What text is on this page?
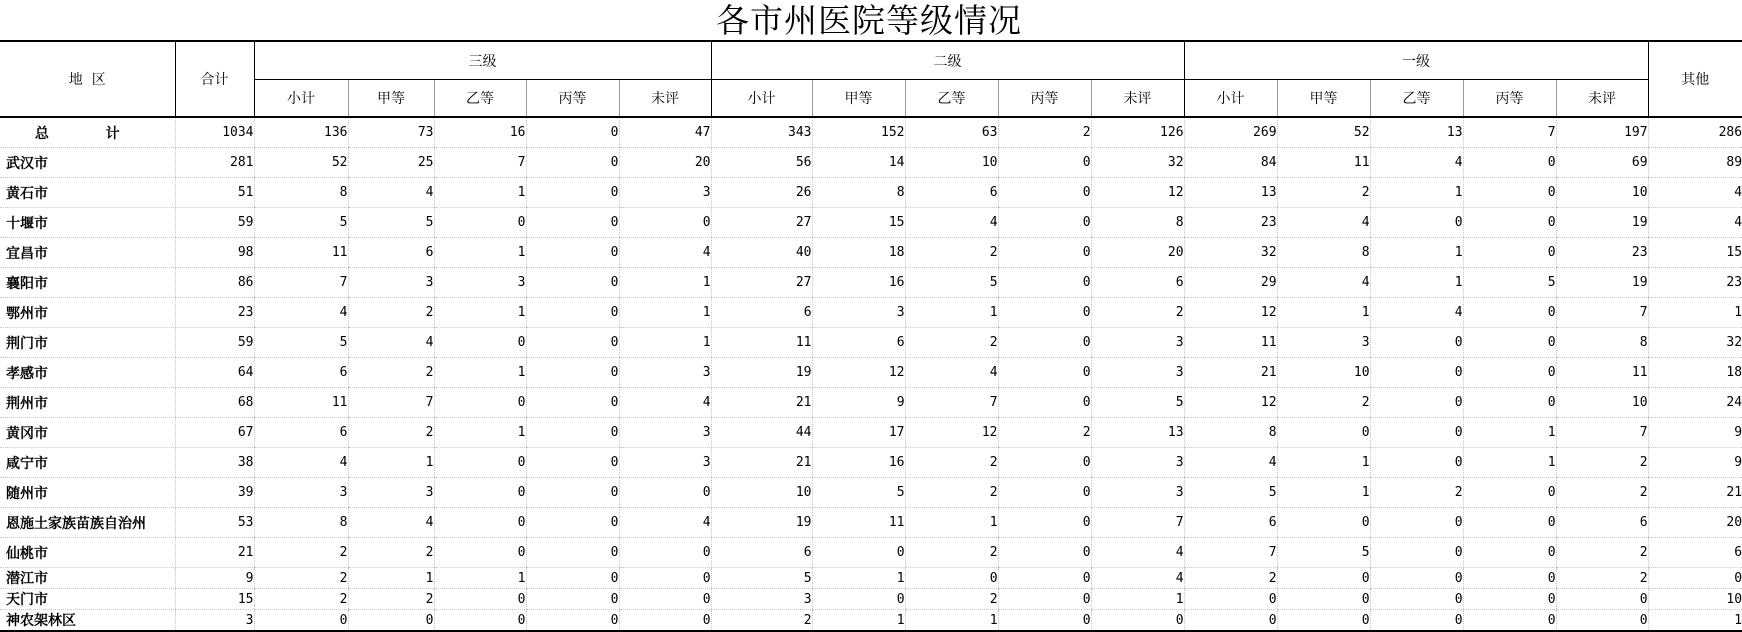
各市州医院等级情况
地  区	合计	三级					二级					一级					其他
		小计	甲等	乙等	丙等	未评	小计	甲等	乙等	丙等	未评	小计	甲等	乙等	丙等	未评	
总 计	1034	136	73	16	0	47	343	152	63	2	126	269	52	13	7	197	286
武汉市	281	52	25	7	0	20	56	14	10	0	32	84	11	4	0	69	89
黄石市	51	8	4	1	0	3	26	8	6	0	12	13	2	1	0	10	4
十堰市	59	5	5	0	0	0	27	15	4	0	8	23	4	0	0	19	4
宜昌市	98	11	6	1	0	4	40	18	2	0	20	32	8	1	0	23	15
襄阳市	86	7	3	3	0	1	27	16	5	0	6	29	4	1	5	19	23
鄂州市	23	4	2	1	0	1	6	3	1	0	2	12	1	4	0	7	1
荆门市	59	5	4	0	0	1	11	6	2	0	3	11	3	0	0	8	32
孝感市	64	6	2	1	0	3	19	12	4	0	3	21	10	0	0	11	18
荆州市	68	11	7	0	0	4	21	9	7	0	5	12	2	0	0	10	24
黄冈市	67	6	2	1	0	3	44	17	12	2	13	8	0	0	1	7	9
咸宁市	38	4	1	0	0	3	21	16	2	0	3	4	1	0	1	2	9
随州市	39	3	3	0	0	0	10	5	2	0	3	5	1	2	0	2	21
恩施土家族苗族自治州	53	8	4	0	0	4	19	11	1	0	7	6	0	0	0	6	20
仙桃市	21	2	2	0	0	0	6	0	2	0	4	7	5	0	0	2	6
潜江市	9	2	1	1	0	0	5	1	0	0	4	2	0	0	0	2	0
天门市	15	2	2	0	0	0	3	0	2	0	1	0	0	0	0	0	10
神农架林区	3	0	0	0	0	0	2	1	1	0	0	0	0	0	0	0	1
